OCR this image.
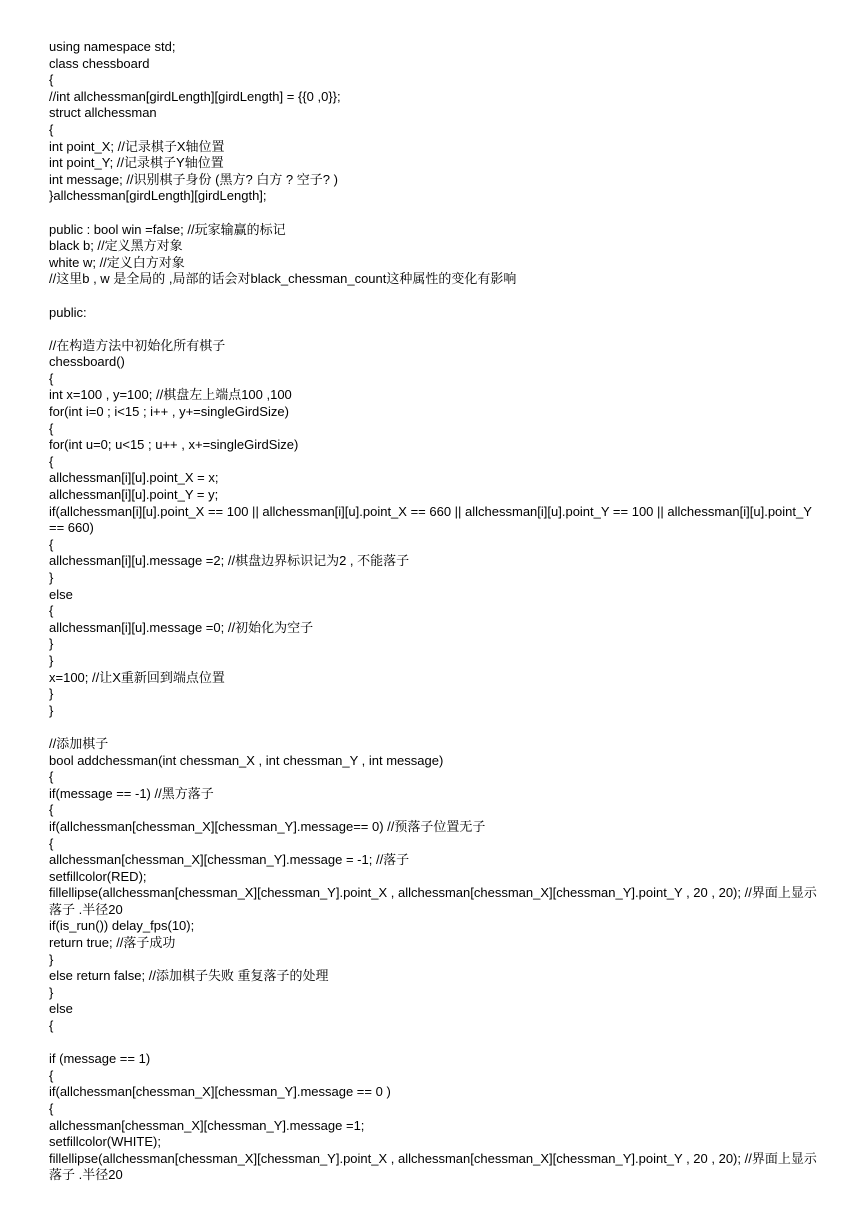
using namespace std;
class chessboard
{
//int allchessman[girdLength][girdLength] = {{0 ,0}};
struct allchessman
{
int point_X; //记录棋子X轴位置
int point_Y; //记录棋子Y轴位置
int message; //识别棋子身份 (黑方? 白方 ? 空子? )
}allchessman[girdLength][girdLength];
public : bool win =false; //玩家输赢的标记
black b; //定义黑方对象
white w; //定义白方对象
//这里b , w 是全局的 ,局部的话会对black_chessman_count这种属性的变化有影响
public:
//在构造方法中初始化所有棋子
chessboard()
{
int x=100 , y=100; //棋盘左上端点100 ,100
for(int i=0 ; i<15 ; i++ , y+=singleGirdSize)
{
for(int u=0; u<15 ; u++ , x+=singleGirdSize)
{
allchessman[i][u].point_X = x;
allchessman[i][u].point_Y = y;
if(allchessman[i][u].point_X == 100 || allchessman[i][u].point_X == 660 || allchessman[i][u].point_Y == 100 || allchessman[i][u].point_Y == 660)
{
allchessman[i][u].message =2; //棋盘边界标识记为2 , 不能落子
}
else
{
allchessman[i][u].message =0; //初始化为空子
}
}
x=100; //让X重新回到端点位置
}
}
//添加棋子
bool addchessman(int chessman_X , int chessman_Y , int message)
{
if(message == -1) //黑方落子
{
if(allchessman[chessman_X][chessman_Y].message== 0) //预落子位置无子
{
allchessman[chessman_X][chessman_Y].message = -1; //落子
setfillcolor(RED);
fillellipse(allchessman[chessman_X][chessman_Y].point_X , allchessman[chessman_X][chessman_Y].point_Y , 20 , 20); //界面上显示落子 .半径20
if(is_run()) delay_fps(10);
return true; //落子成功
}
else return false; //添加棋子失败 重复落子的处理
}
else
{
if (message == 1)
{
if(allchessman[chessman_X][chessman_Y].message == 0 )
{
allchessman[chessman_X][chessman_Y].message =1;
setfillcolor(WHITE);
fillellipse(allchessman[chessman_X][chessman_Y].point_X , allchessman[chessman_X][chessman_Y].point_Y , 20 , 20); //界面上显示落子 .半径20
